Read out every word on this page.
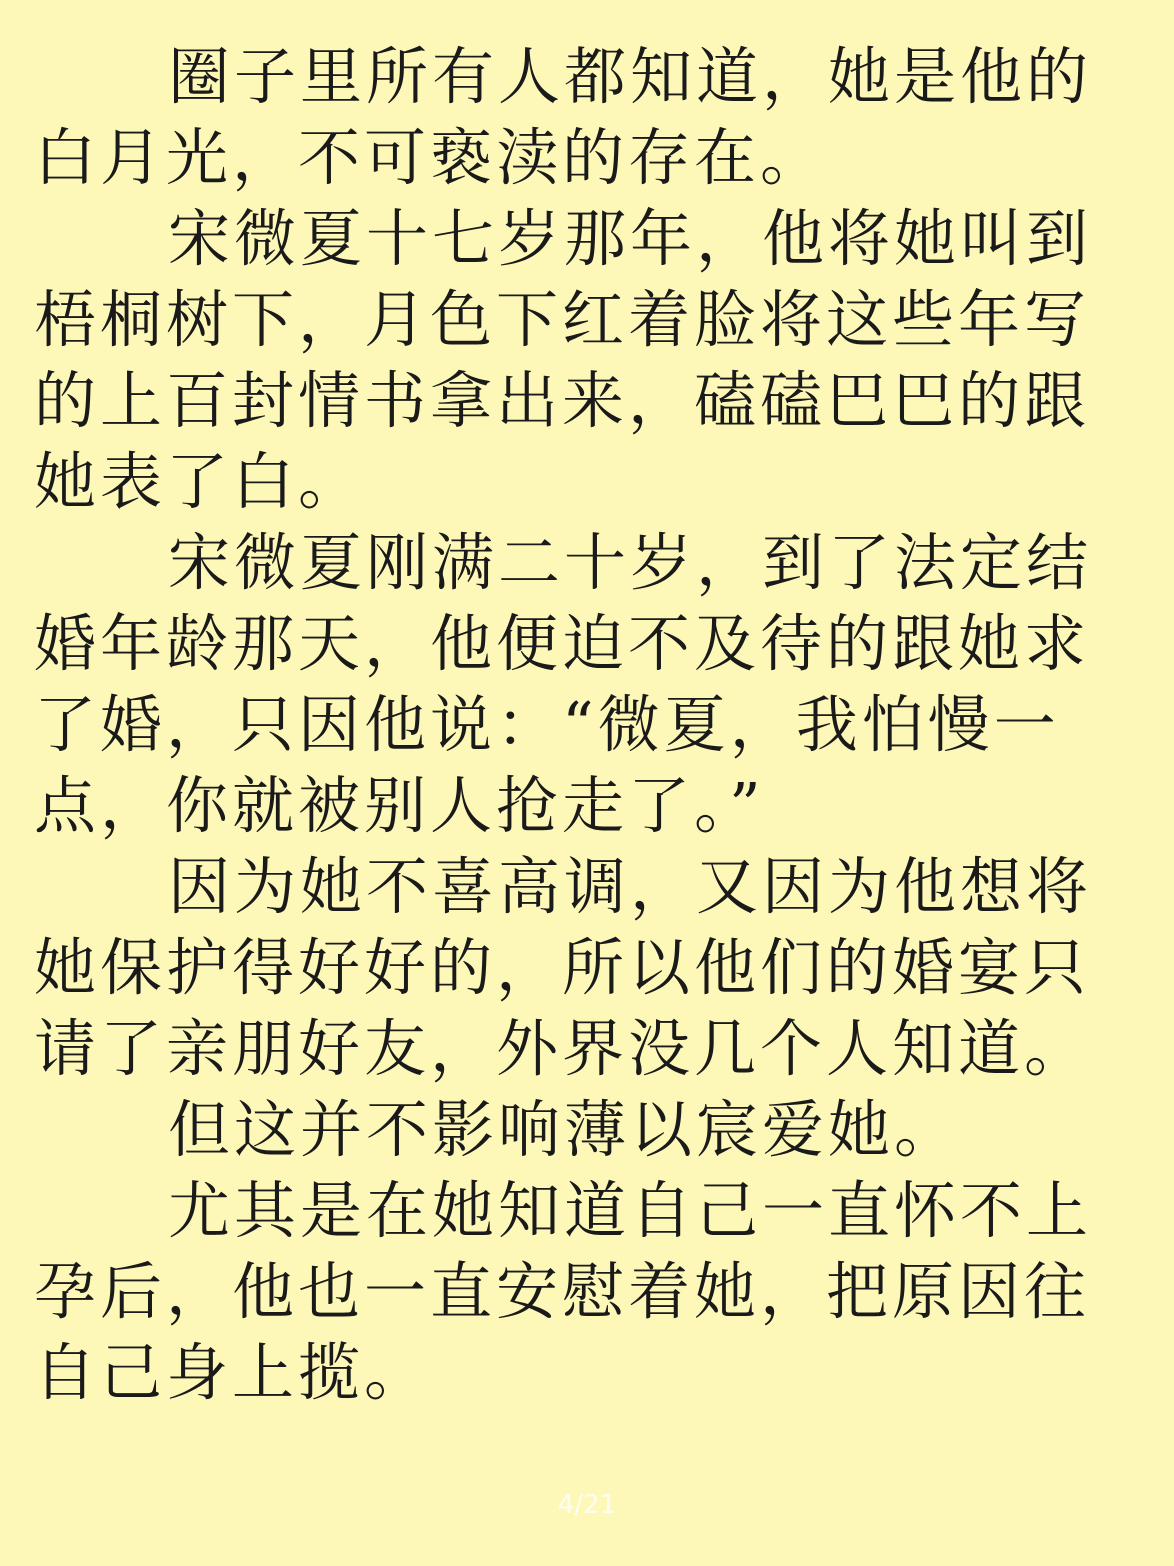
圈子里所有人都知道，她是他的白月光，不可亵渎的存在。

宋微夏十七岁那年，他将她叫到梧桐树下，月色下红着脸将这些年写的上百封情书拿出来，磕磕巴巴的跟她表了白。

宋微夏刚满二十岁，到了法定结婚年龄那天，他便迫不及待的跟她求了婚，只因他说：“微夏，我怕慢一点，你就被别人抢走了。”

因为她不喜高调，又因为他想将她保护得好好的，所以他们的婚宴只请了亲朋好友，外界没几个人知道。

但这并不影响薄以宸爱她。

尤其是在她知道自己一直怀不上孕后，他也一直安慰着她，把原因往自己身上揽。

4/21
